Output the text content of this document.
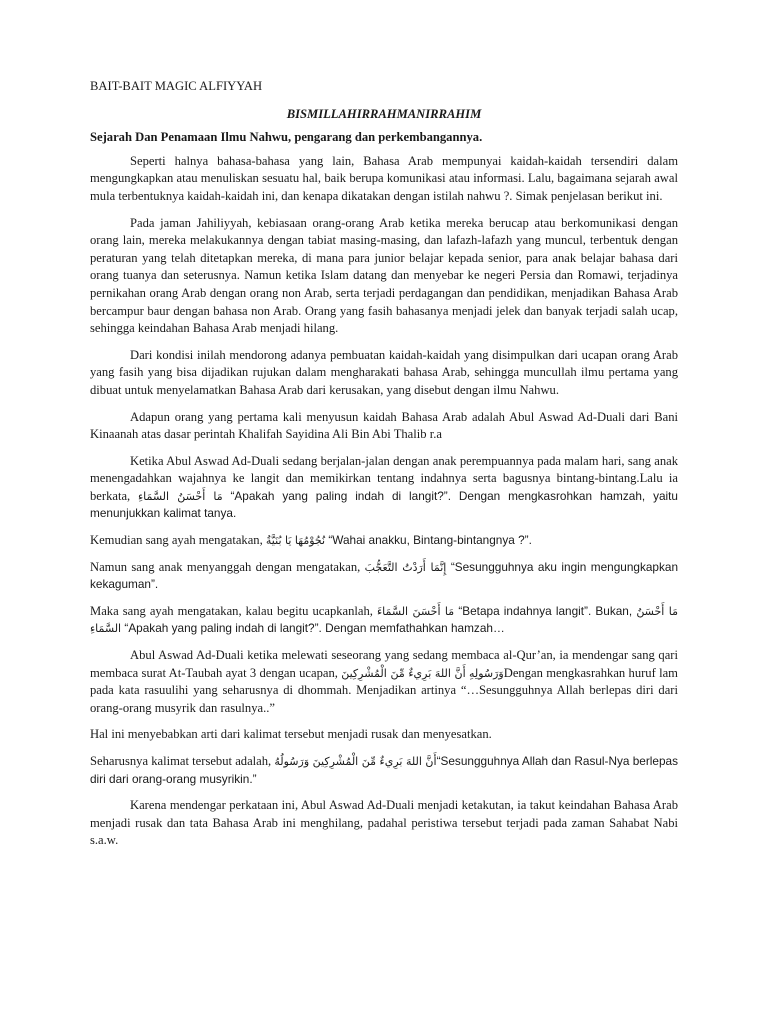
BAIT-BAIT MAGIC ALFIYYAH
BISMILLAHIRRAHMANIRRAHIM
Sejarah Dan Penamaan Ilmu Nahwu, pengarang dan perkembangannya.

Seperti halnya bahasa-bahasa yang lain, Bahasa Arab mempunyai kaidah-kaidah tersendiri dalam mengungkapkan atau menuliskan sesuatu hal, baik berupa komunikasi atau informasi. Lalu, bagaimana sejarah awal mula terbentuknya kaidah-kaidah ini, dan kenapa dikatakan dengan istilah nahwu ?. Simak penjelasan berikut ini.

Pada jaman Jahiliyyah, kebiasaan orang-orang Arab ketika mereka berucap atau berkomunikasi dengan orang lain, mereka melakukannya dengan tabiat masing-masing, dan lafazh-lafazh yang muncul, terbentuk dengan peraturan yang telah ditetapkan mereka, di mana para junior belajar kepada senior, para anak belajar bahasa dari orang tuanya dan seterusnya. Namun ketika Islam datang dan menyebar ke negeri Persia dan Romawi, terjadinya pernikahan orang Arab dengan orang non Arab, serta terjadi perdagangan dan pendidikan, menjadikan Bahasa Arab bercampur baur dengan bahasa non Arab. Orang yang fasih bahasanya menjadi jelek dan banyak terjadi salah ucap, sehingga keindahan Bahasa Arab menjadi hilang.

Dari kondisi inilah mendorong adanya pembuatan kaidah-kaidah yang disimpulkan dari ucapan orang Arab yang fasih yang bisa dijadikan rujukan dalam mengharakati bahasa Arab, sehingga muncullah ilmu pertama yang dibuat untuk menyelamatkan Bahasa Arab dari kerusakan, yang disebut dengan ilmu Nahwu.

Adapun orang yang pertama kali menyusun kaidah Bahasa Arab adalah Abul Aswad Ad-Duali dari Bani Kinaanah atas dasar perintah Khalifah Sayidina Ali Bin Abi Thalib r.a

Ketika Abul Aswad Ad-Duali sedang berjalan-jalan dengan anak perempuannya pada malam hari, sang anak menengadahkan wajahnya ke langit dan memikirkan tentang indahnya serta bagusnya bintang-bintang.Lalu ia berkata, مَا أَحْسَنُ السَّمَاءِ “Apakah yang paling indah di langit?”. Dengan mengkasrohkan hamzah, yaitu menunjukkan kalimat tanya.

Kemudian sang ayah mengatakan, نُجُوْمُهَا يَا بُنَيَّةُ “Wahai anakku, Bintang-bintangnya ?”.

Namun sang anak menyanggah dengan mengatakan, إِنَّمَا أَرَدْتُ التَّعَجُّبَ “Sesungguhnya aku ingin mengungkapkan kekaguman”.

Maka sang ayah mengatakan, kalau begitu ucapkanlah, مَا أَحْسَنَ السَّمَاءَ “Betapa indahnya langit”. Bukan, مَا أَحْسَنُ السَّمَاءِ “Apakah yang paling indah di langit?”. Dengan memfathahkan hamzah…

Abul Aswad Ad-Duali ketika melewati seseorang yang sedang membaca al-Qur’an, ia mendengar sang qari membaca surat At-Taubah ayat 3 dengan ucapan, أَنَّ اللهَ بَرِيءٌ مِّنَ الْمُشْرِكِينَ وَرَسُولِهِDengan mengkasrahkan huruf lam pada kata rasuulihi yang seharusnya di dhommah. Menjadikan artinya “…Sesungguhnya Allah berlepas diri dari orang-orang musyrik dan rasulnya..”

Hal ini menyebabkan arti dari kalimat tersebut menjadi rusak dan menyesatkan.

Seharusnya kalimat tersebut adalah, أَنَّ اللهَ بَرِيءٌ مِّنَ الْمُشْرِكِينَ وَرَسُولُهُ“Sesungguhnya Allah dan Rasul-Nya berlepas diri dari orang-orang musyrikin.”

Karena mendengar perkataan ini, Abul Aswad Ad-Duali menjadi ketakutan, ia takut keindahan Bahasa Arab menjadi rusak dan tata Bahasa Arab ini menghilang, padahal peristiwa tersebut terjadi pada zaman Sahabat Nabi s.a.w.
